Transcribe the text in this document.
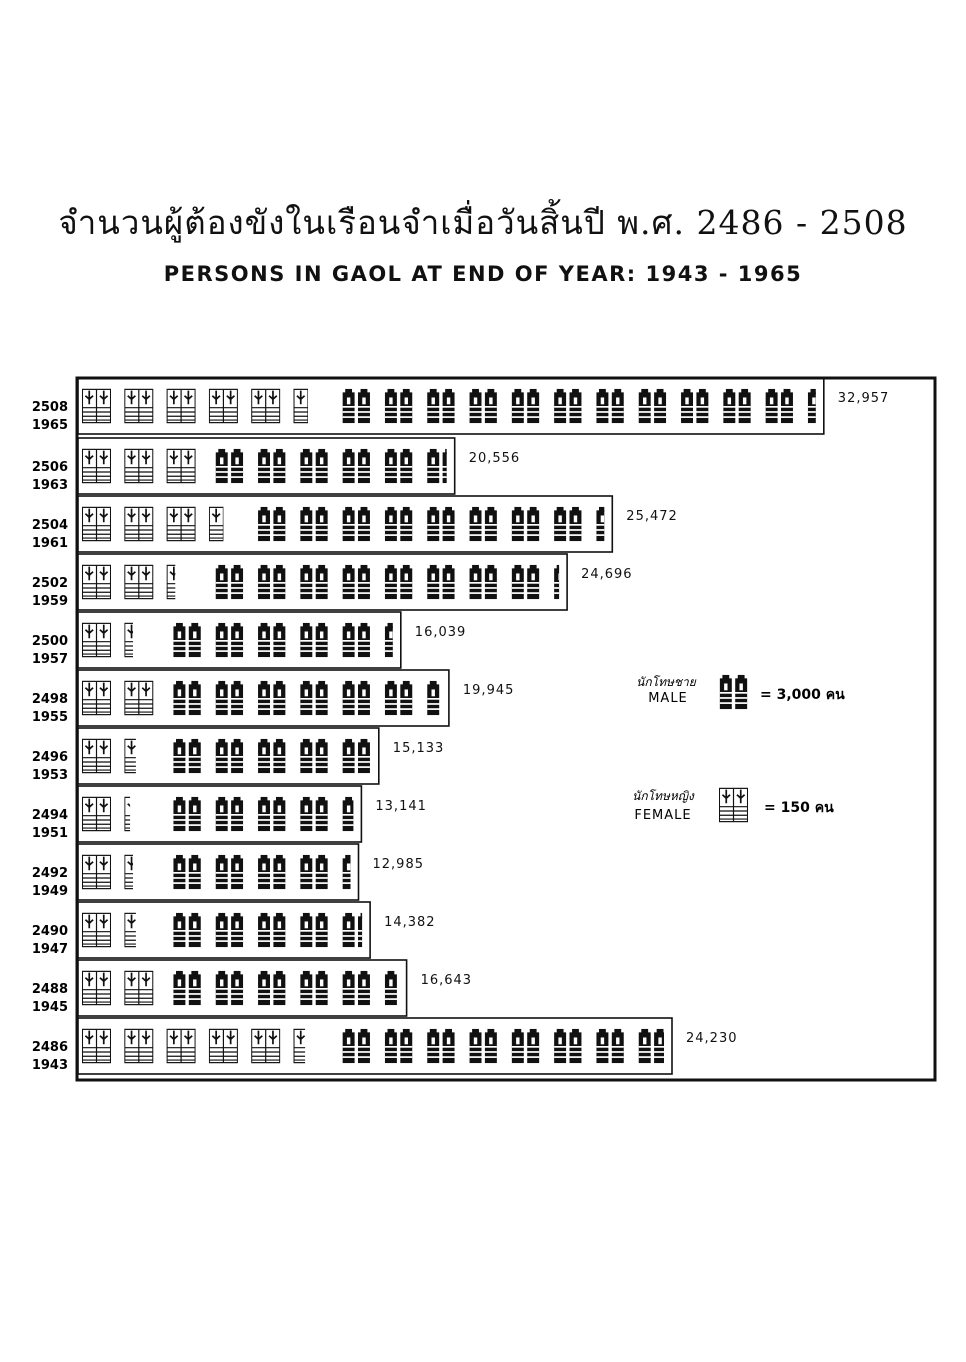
จำนวนผู้ต้องขังในเรือนจำเมื่อวันสิ้นปี พ.ศ. 2486 - 2508
PERSONS IN GAOL AT END OF YEAR: 1943 - 1965
32,957
2508
1965
20,556
2506
1963
25,472
2504
1961
24,696
2502
1959
16,039
2500
1957
19,945
2498
1955
15,133
2496
1953
13,141
2494
1951
12,985
2492
1949
14,382
2490
1947
16,643
2488
1945
24,230
2486
1943
นักโทษชาย
MALE	= 3,000 คน
นักโทษหญิง
FEMALE	= 150 คน
